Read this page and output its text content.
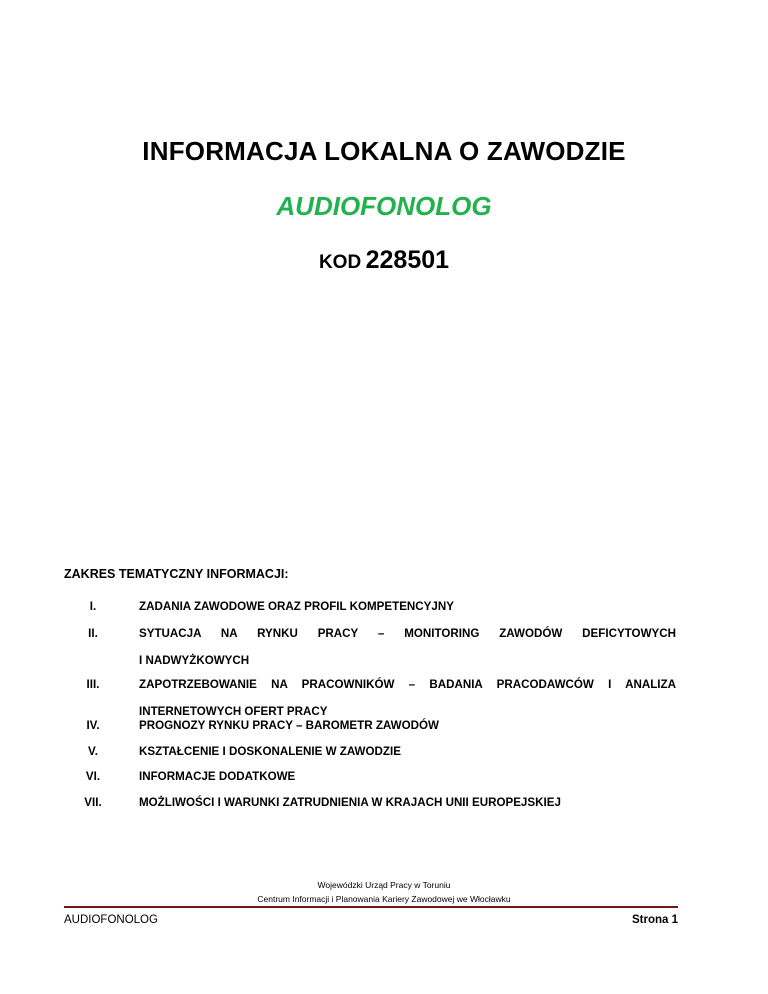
INFORMACJA LOKALNA O ZAWODZIE
AUDIOFONOLOG
KOD 228501
ZAKRES TEMATYCZNY INFORMACJI:
I.	ZADANIA ZAWODOWE ORAZ PROFIL KOMPETENCYJNY
II.	SYTUACJA NA RYNKU PRACY – MONITORING ZAWODÓW DEFICYTOWYCH
I NADWYŻKOWYCH
III.	ZAPOTRZEBOWANIE NA PRACOWNIKÓW – BADANIA PRACODAWCÓW I ANALIZA
INTERNETOWYCH OFERT PRACY
IV.	PROGNOZY RYNKU PRACY – BAROMETR ZAWODÓW
V.	KSZTAŁCENIE I DOSKONALENIE W ZAWODZIE
VI.	INFORMACJE DODATKOWE
VII.	MOŻLIWOŚCI I WARUNKI ZATRUDNIENIA W KRAJACH UNII EUROPEJSKIEJ
Wojewódzki Urząd Pracy w Toruniu
Centrum Informacji i Planowania Kariery Zawodowej we Włocławku
AUDIOFONOLOG	Strona 1
